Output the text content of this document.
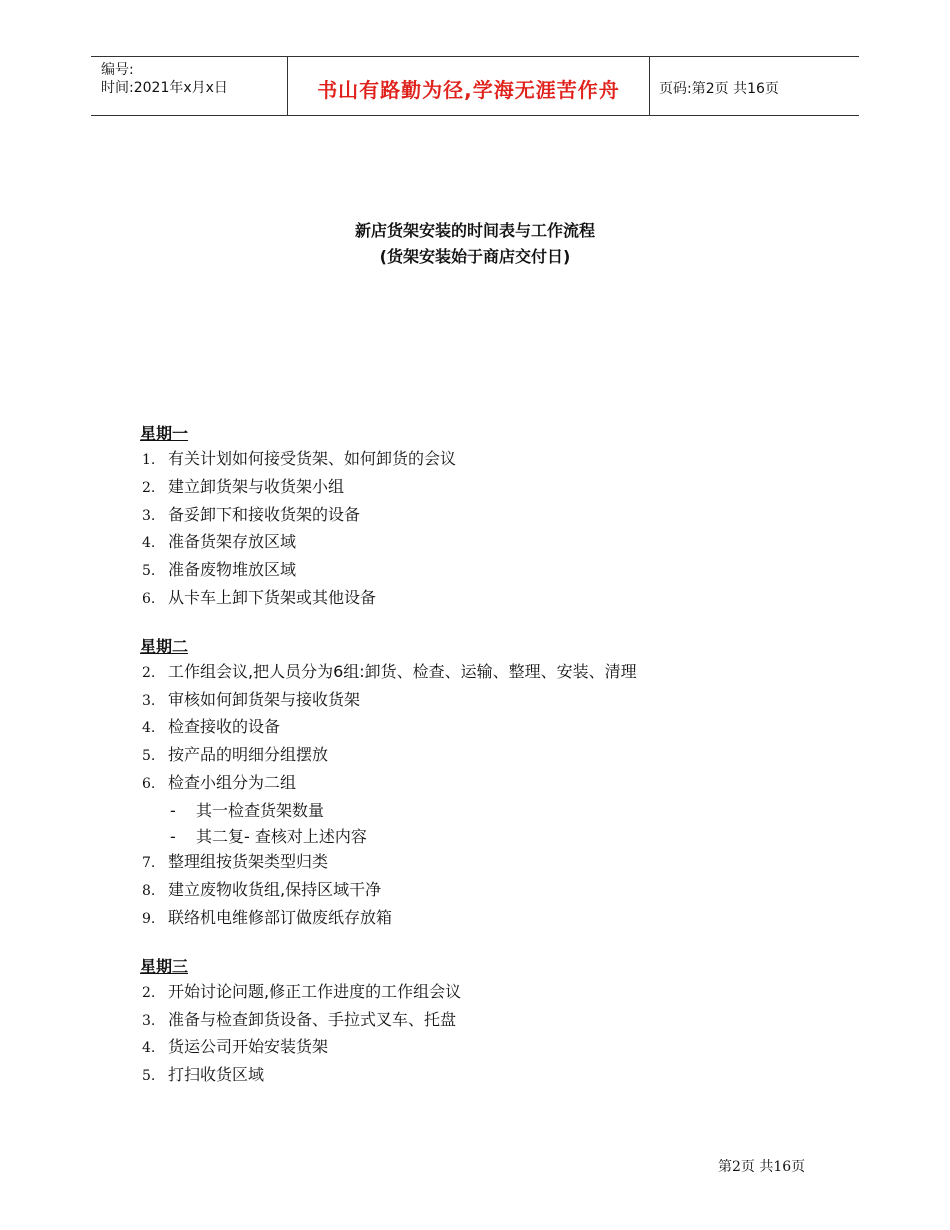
编号:
时间:2021年x月x日	书山有路勤为径,学海无涯苦作舟	页码:第2页 共16页
新店货架安装的时间表与工作流程
(货架安装始于商店交付日)
星期一
1. 有关计划如何接受货架、如何卸货的会议
2. 建立卸货架与收货架小组
3. 备妥卸下和接收货架的设备
4. 准备货架存放区域
5. 准备废物堆放区域
6. 从卡车上卸下货架或其他设备
星期二
2. 工作组会议,把人员分为6组:卸货、检查、运输、整理、安装、清理
3. 审核如何卸货架与接收货架
4. 检查接收的设备
5. 按产品的明细分组摆放
6. 检查小组分为二组
- 其一检查货架数量
- 其二复- 查核对上述内容
7. 整理组按货架类型归类
8. 建立废物收货组,保持区域干净
9. 联络机电维修部订做废纸存放箱
星期三
2. 开始讨论问题,修正工作进度的工作组会议
3. 准备与检查卸货设备、手拉式叉车、托盘
4. 货运公司开始安装货架
5. 打扫收货区域
第2页 共16页
